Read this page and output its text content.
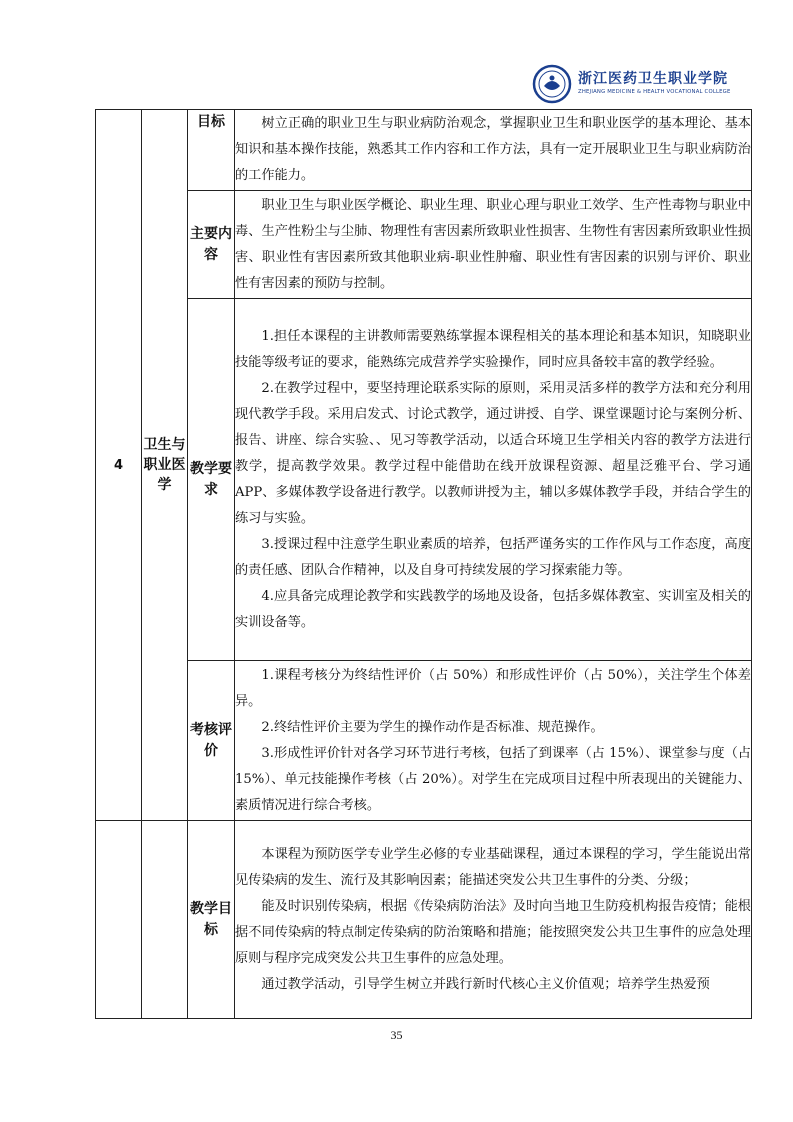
浙江医药卫生职业学院
ZHEJIANG MEDICINE & HEALTH VOCATIONAL COLLEGE
4	卫生与职业医学	目标	树立正确的职业卫生与职业病防治观念，掌握职业卫生和职业医学的基本理论、基本知识和基本操作技能，熟悉其工作内容和工作方法，具有一定开展职业卫生与职业病防治的工作能力。

		主要内容	职业卫生与职业医学概论、职业生理、职业心理与职业工效学、生产性毒物与职业中毒、生产性粉尘与尘肺、物理性有害因素所致职业性损害、生物性有害因素所致职业性损害、职业性有害因素所致其他职业病-职业性肿瘤、职业性有害因素的识别与评价、职业性有害因素的预防与控制。

		教学要求	1.担任本课程的主讲教师需要熟练掌握本课程相关的基本理论和基本知识，知晓职业技能等级考证的要求，能熟练完成营养学实验操作，同时应具备较丰富的教学经验。

2.在教学过程中，要坚持理论联系实际的原则，采用灵活多样的教学方法和充分利用现代教学手段。采用启发式、讨论式教学，通过讲授、自学、课堂课题讨论与案例分析、报告、讲座、综合实验、、见习等教学活动，以适合环境卫生学相关内容的教学方法进行教学，提高教学效果。教学过程中能借助在线开放课程资源、超星泛雅平台、学习通 APP、多媒体教学设备进行教学。以教师讲授为主，辅以多媒体教学手段，并结合学生的练习与实验。

3.授课过程中注意学生职业素质的培养，包括严谨务实的工作作风与工作态度，高度的责任感、团队合作精神，以及自身可持续发展的学习探索能力等。

4.应具备完成理论教学和实践教学的场地及设备，包括多媒体教室、实训室及相关的实训设备等。

		考核评价	1.课程考核分为终结性评价（占 50%）和形成性评价（占 50%），关注学生个体差异。

2.终结性评价主要为学生的操作动作是否标准、规范操作。

3.形成性评价针对各学习环节进行考核，包括了到课率（占 15%）、课堂参与度（占 15%）、单元技能操作考核（占 20%）。对学生在完成项目过程中所表现出的关键能力、素质情况进行综合考核。

		教学目标	本课程为预防医学专业学生必修的专业基础课程，通过本课程的学习，学生能说出常见传染病的发生、流行及其影响因素；能描述突发公共卫生事件的分类、分级；

能及时识别传染病，根据《传染病防治法》及时向当地卫生防疫机构报告疫情；能根据不同传染病的特点制定传染病的防治策略和措施；能按照突发公共卫生事件的应急处理原则与程序完成突发公共卫生事件的应急处理。

通过教学活动，引导学生树立并践行新时代核心主义价值观；培养学生热爱预

35
